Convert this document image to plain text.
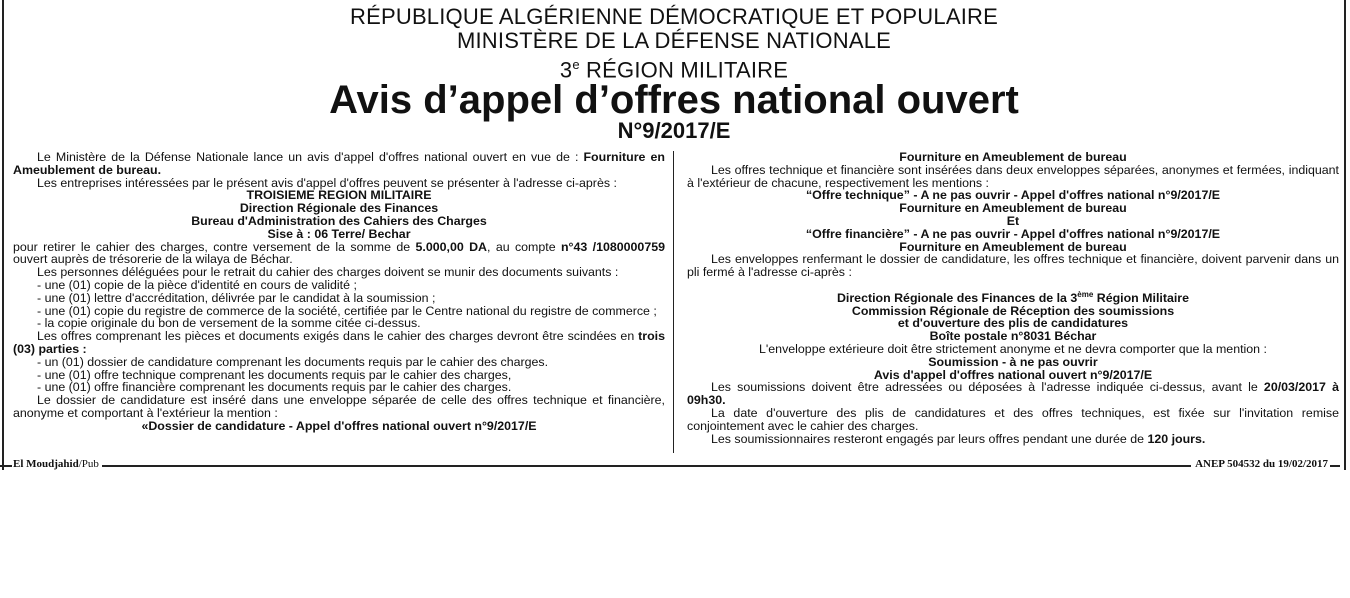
RÉPUBLIQUE ALGÉRIENNE DÉMOCRATIQUE ET POPULAIRE
MINISTÈRE DE LA DÉFENSE NATIONALE
3e RÉGION MILITAIRE
Avis d’appel d’offres national ouvert
N°9/2017/E

Le Ministère de la Défense Nationale lance un avis d'appel d'offres national ouvert en vue de : Fourniture en Ameublement de bureau.

Les entreprises intéressées par le présent avis d'appel d'offres peuvent se présenter à l'adresse ci-après :

TROISIEME REGION MILITAIRE

Direction Régionale des Finances

Bureau d'Administration des Cahiers des Charges

Sise à : 06 Terre/ Bechar

pour retirer le cahier des charges, contre versement de la somme de 5.000,00 DA, au compte n°43 /1080000759 ouvert auprès de trésorerie de la wilaya de Béchar.

Les personnes déléguées pour le retrait du cahier des charges doivent se munir des documents suivants :

- une (01) copie de la pièce d'identité en cours de validité ;

- une (01) lettre d'accréditation, délivrée par le candidat à la soumission ;

- une (01) copie du registre de commerce de la société, certifiée par le Centre national du registre de commerce ;

- la copie originale du bon de versement de la somme citée ci-dessus.

Les offres comprenant les pièces et documents exigés dans le cahier des charges devront être scindées en trois (03) parties :

- un (01) dossier de candidature comprenant les documents requis par le cahier des charges.

- une (01) offre technique comprenant les documents requis par le cahier des charges,

- une (01) offre financière comprenant les documents requis par le cahier des charges.

Le dossier de candidature est inséré dans une enveloppe séparée de celle des offres technique et financière, anonyme et comportant à l'extérieur la mention :

«Dossier de candidature - Appel d'offres national ouvert n°9/2017/E

Fourniture en Ameublement de bureau

Les offres technique et financière sont insérées dans deux enveloppes séparées, anonymes et fermées, indiquant à l'extérieur de chacune, respectivement les mentions :

“Offre technique” - A ne pas ouvrir - Appel d'offres national n°9/2017/E

Fourniture en Ameublement de bureau

Et

“Offre financière” - A ne pas ouvrir - Appel d'offres national n°9/2017/E

Fourniture en Ameublement de bureau

Les enveloppes renfermant le dossier de candidature, les offres technique et financière, doivent parvenir dans un pli fermé à l'adresse ci-après :

Direction Régionale des Finances de la 3ème Région Militaire

Commission Régionale de Réception des soumissions

et d'ouverture des plis de candidatures

Boîte postale n°8031 Béchar

L'enveloppe extérieure doit être strictement anonyme et ne devra comporter que la mention :

Soumission - à ne pas ouvrir

Avis d'appel d'offres national ouvert n°9/2017/E

Les soumissions doivent être adressées ou déposées à l'adresse indiquée ci-dessus, avant le 20/03/2017 à 09h30.

La date d'ouverture des plis de candidatures et des offres techniques, est fixée sur l'invitation remise conjointement avec le cahier des charges.

Les soumissionnaires resteront engagés par leurs offres pendant une durée de 120 jours.

El Moudjahid/Pub	ANEP 504532 du 19/02/2017
